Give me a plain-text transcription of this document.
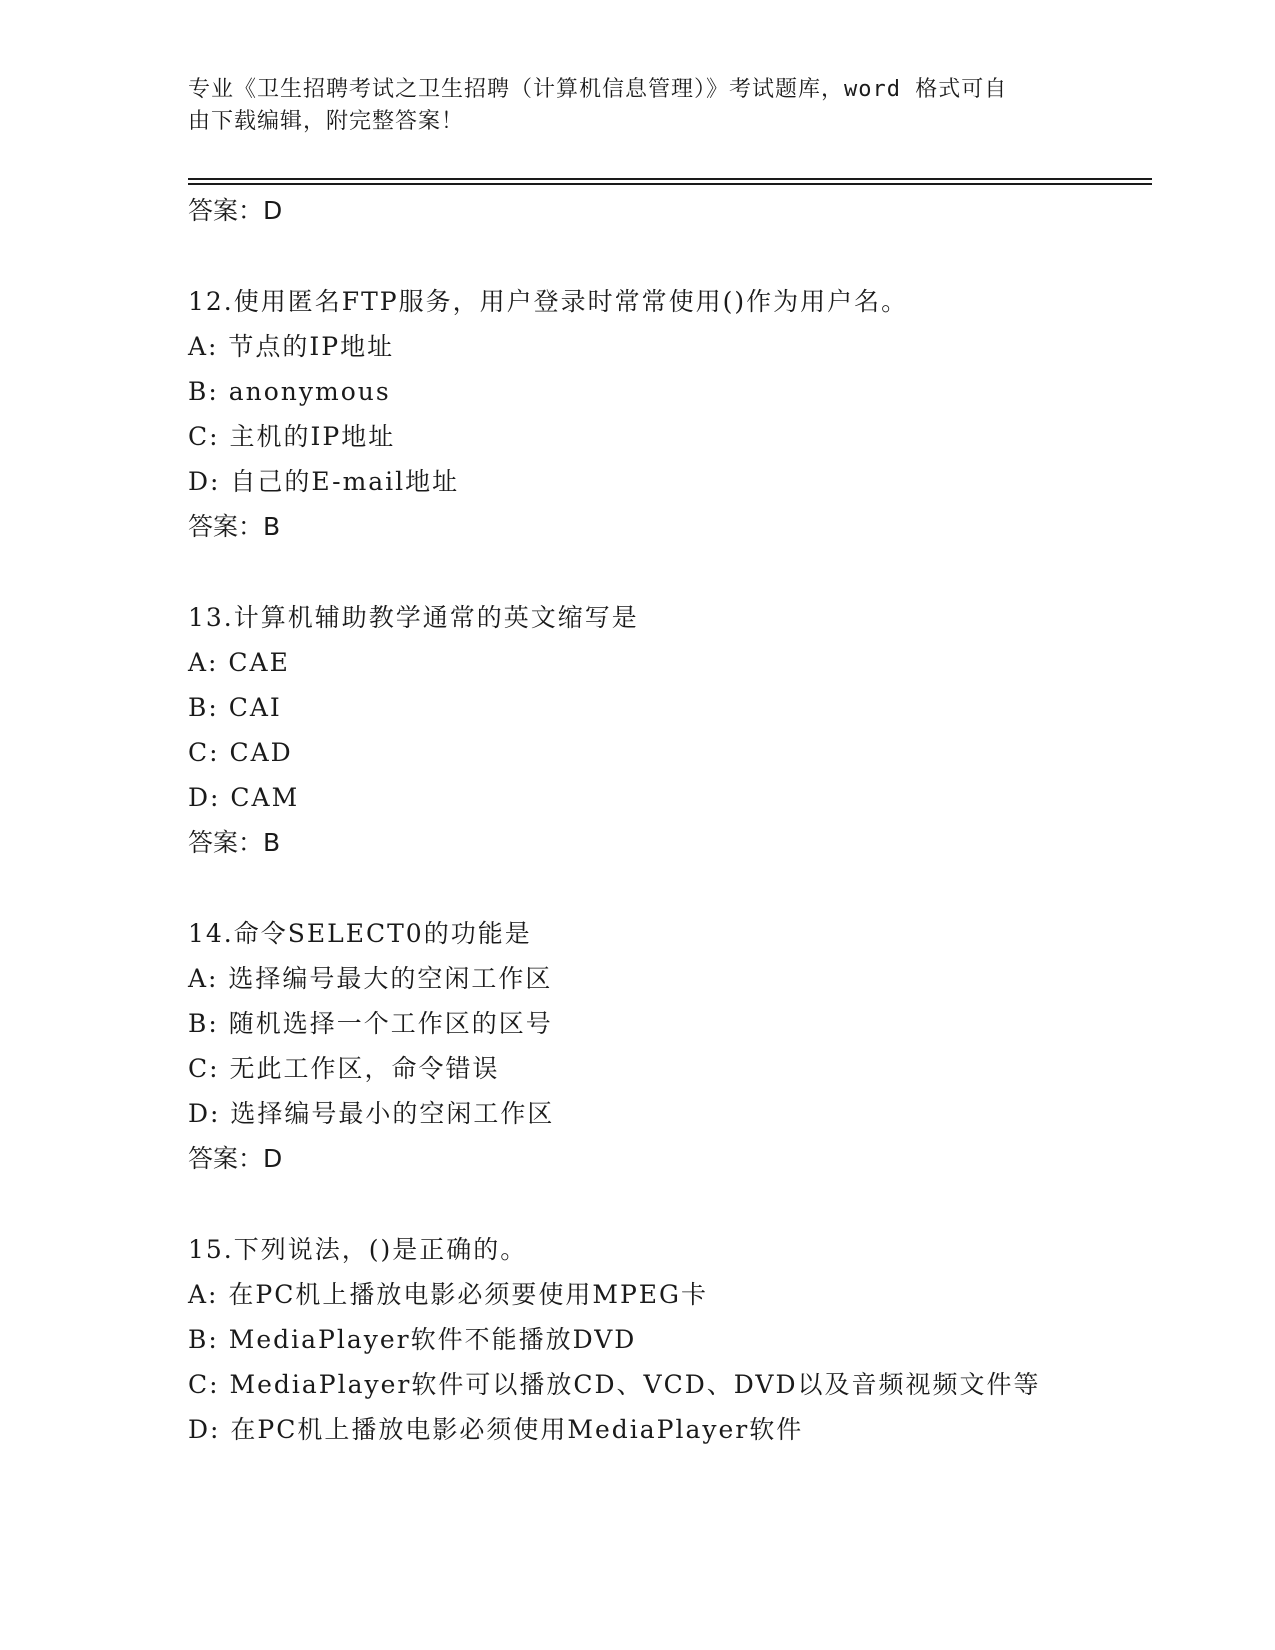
专业《卫生招聘考试之卫生招聘（计算机信息管理）》考试题库，word 格式可自
由下载编辑，附完整答案！
答案：D
12.使用匿名FTP服务，用户登录时常常使用()作为用户名。
A: 节点的IP地址
B: anonymous
C: 主机的IP地址
D: 自己的E-mail地址
答案：B
13.计算机辅助教学通常的英文缩写是
A: CAE
B: CAI
C: CAD
D: CAM
答案：B
14.命令SELECT0的功能是
A: 选择编号最大的空闲工作区
B: 随机选择一个工作区的区号
C: 无此工作区，命令错误
D: 选择编号最小的空闲工作区
答案：D
15.下列说法，()是正确的。
A: 在PC机上播放电影必须要使用MPEG卡
B: MediaPlayer软件不能播放DVD
C: MediaPlayer软件可以播放CD、VCD、DVD以及音频视频文件等
D: 在PC机上播放电影必须使用MediaPlayer软件
